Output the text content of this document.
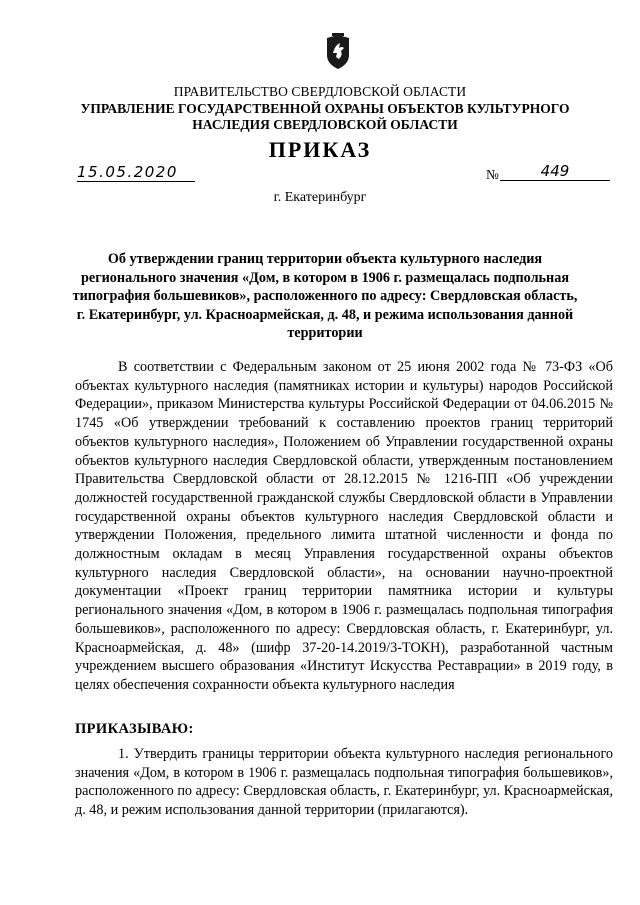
ПРАВИТЕЛЬСТВО СВЕРДЛОВСКОЙ ОБЛАСТИ
УПРАВЛЕНИЕ ГОСУДАРСТВЕННОЙ ОХРАНЫ ОБЪЕКТОВ КУЛЬТУРНОГО НАСЛЕДИЯ СВЕРДЛОВСКОЙ ОБЛАСТИ
ПРИКАЗ
15.05.2020	№	449
г. Екатеринбург
Об утверждении границ территории объекта культурного наследия регионального значения «Дом, в котором в 1906 г. размещалась подпольная типография большевиков», расположенного по адресу: Свердловская область, г. Екатеринбург, ул. Красноармейская, д. 48, и режима использования данной территории

В соответствии с Федеральным законом от 25 июня 2002 года № 73-ФЗ «Об объектах культурного наследия (памятниках истории и культуры) народов Российской Федерации», приказом Министерства культуры Российской Федерации от 04.06.2015 № 1745 «Об утверждении требований к составлению проектов границ территорий объектов культурного наследия», Положением об Управлении государственной охраны объектов культурного наследия Свердловской области, утвержденным постановлением Правительства Свердловской области от 28.12.2015 № 1216-ПП «Об учреждении должностей государственной гражданской службы Свердловской области в Управлении государственной охраны объектов культурного наследия Свердловской области и утверждении Положения, предельного лимита штатной численности и фонда по должностным окладам в месяц Управления государственной охраны объектов культурного наследия Свердловской области», на основании научно-проектной документации «Проект границ территории памятника истории и культуры регионального значения «Дом, в котором в 1906 г. размещалась подпольная типография большевиков», расположенного по адресу: Свердловская область, г. Екатеринбург, ул. Красноармейская, д. 48» (шифр 37-20-14.2019/3-ТОКН), разработанной частным учреждением высшего образования «Институт Искусства Реставрации» в 2019 году, в целях обеспечения сохранности объекта культурного наследия

ПРИКАЗЫВАЮ:

1. Утвердить границы территории объекта культурного наследия регионального значения «Дом, в котором в 1906 г. размещалась подпольная типография большевиков», расположенного по адресу: Свердловская область, г. Екатеринбург, ул. Красноармейская, д. 48, и режим использования данной территории (прилагаются).
